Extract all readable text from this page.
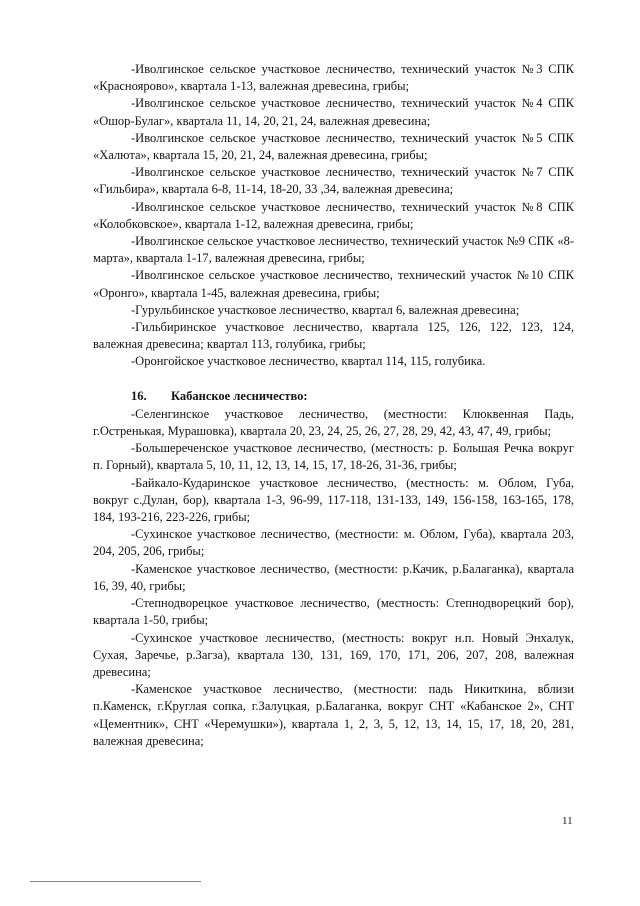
-Иволгинское сельское участковое лесничество, технический участок №3 СПК «Красноярово», квартала 1-13, валежная древесина, грибы;

-Иволгинское сельское участковое лесничество, технический участок №4 СПК «Ошор-Булаг», квартала 11, 14, 20, 21, 24, валежная древесина;

-Иволгинское сельское участковое лесничество, технический участок №5 СПК «Халюта», квартала 15, 20, 21, 24, валежная древесина, грибы;

-Иволгинское сельское участковое лесничество, технический участок №7 СПК «Гильбира», квартала 6-8, 11-14, 18-20, 33 ,34, валежная древесина;

-Иволгинское сельское участковое лесничество, технический участок №8 СПК «Колобковское», квартала 1-12, валежная древесина, грибы;

-Иволгинское сельское участковое лесничество, технический участок №9 СПК «8-марта», квартала 1-17, валежная древесина, грибы;

-Иволгинское сельское участковое лесничество, технический участок №10 СПК «Оронго», квартала 1-45, валежная древесина, грибы;

-Гурульбинское участковое лесничество, квартал 6, валежная древесина;

-Гильбиринское участковое лесничество, квартала 125, 126, 122, 123, 124, валежная древесина; квартал 113, голубика, грибы;

-Оронгойское участковое лесничество, квартал 114, 115, голубика.

16. Кабанское лесничество:

-Селенгинское участковое лесничество, (местности: Клюквенная Падь, г.Остренькая, Мурашовка), квартала 20, 23, 24, 25, 26, 27, 28, 29, 42, 43, 47, 49, грибы;

-Большереченское участковое лесничество, (местность: р. Большая Речка вокруг п. Горный), квартала 5, 10, 11, 12, 13, 14, 15, 17, 18-26, 31-36, грибы;

-Байкало-Кударинское участковое лесничество, (местность: м. Облом, Губа, вокруг с.Дулан, бор), квартала 1-3, 96-99, 117-118, 131-133, 149, 156-158, 163-165, 178, 184, 193-216, 223-226, грибы;

-Сухинское участковое лесничество, (местности: м. Облом, Губа), квартала 203, 204, 205, 206, грибы;

-Каменское участковое лесничество, (местности: р.Качик, р.Балаганка), квартала 16, 39, 40, грибы;

-Степнодворецкое участковое лесничество, (местность: Степнодворецкий бор), квартала 1-50, грибы;

-Сухинское участковое лесничество, (местность: вокруг н.п. Новый Энхалук, Сухая, Заречье, р.Загза), квартала 130, 131, 169, 170, 171, 206, 207, 208, валежная древесина;

-Каменское участковое лесничество, (местности: падь Никиткина, вблизи п.Каменск, г.Круглая сопка, г.Залуцкая, р.Балаганка, вокруг СНТ «Кабанское 2», СНТ «Цементник», СНТ «Черемушки»), квартала 1, 2, 3, 5, 12, 13, 14, 15, 17, 18, 20, 281, валежная древесина;

11
